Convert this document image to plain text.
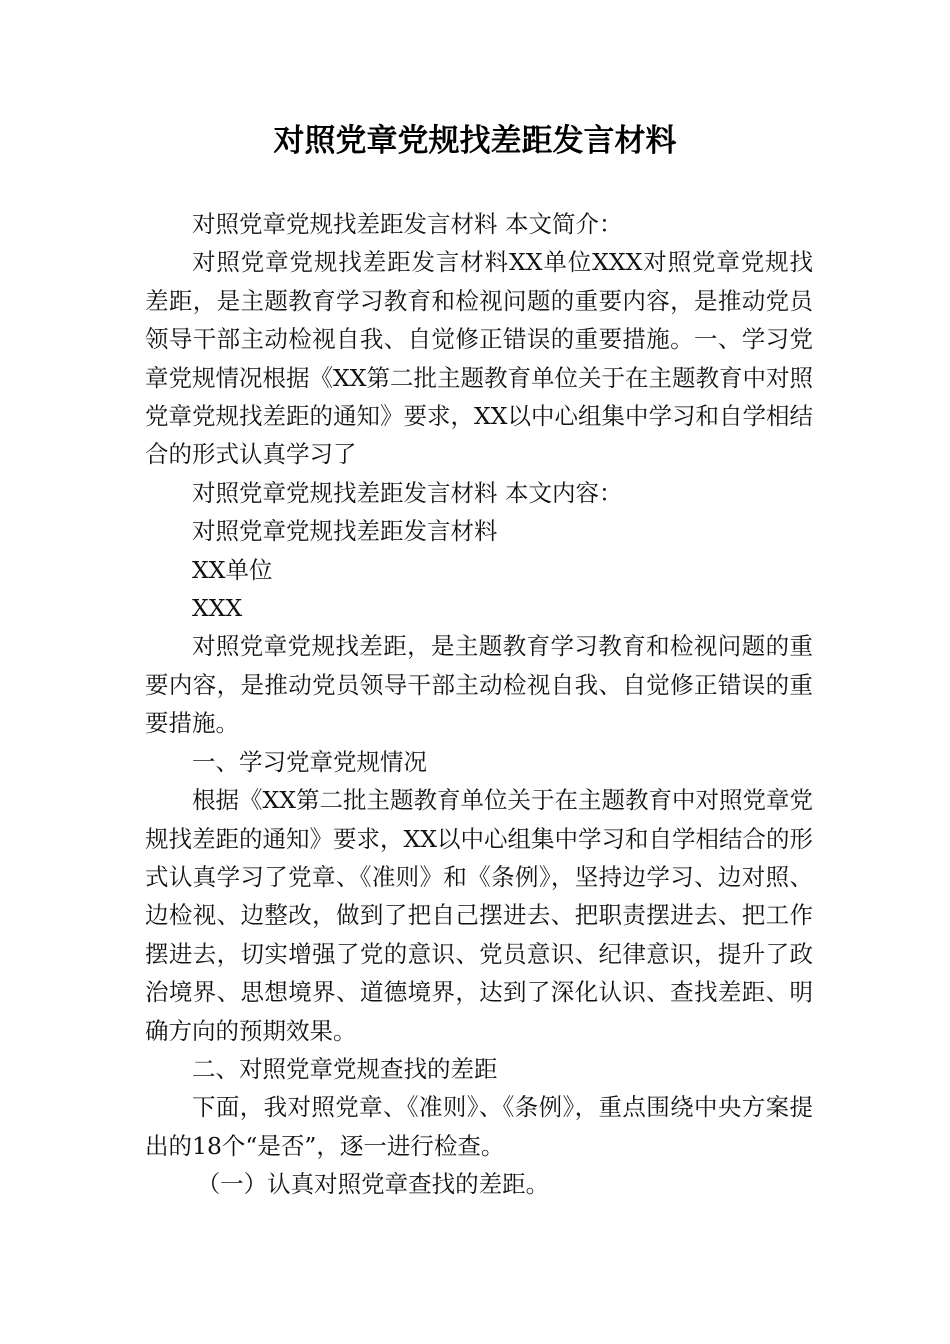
对照党章党规找差距发言材料

对照党章党规找差距发言材料 本文简介：

对照党章党规找差距发言材料XX单位XXX对照党章党规找差距，是主题教育学习教育和检视问题的重要内容，是推动党员领导干部主动检视自我、自觉修正错误的重要措施。一、学习党章党规情况根据《XX第二批主题教育单位关于在主题教育中对照党章党规找差距的通知》要求，XX以中心组集中学习和自学相结合的形式认真学习了

对照党章党规找差距发言材料 本文内容：

对照党章党规找差距发言材料

XX单位

XXX

对照党章党规找差距，是主题教育学习教育和检视问题的重要内容，是推动党员领导干部主动检视自我、自觉修正错误的重要措施。

一、学习党章党规情况

根据《XX第二批主题教育单位关于在主题教育中对照党章党规找差距的通知》要求，XX以中心组集中学习和自学相结合的形式认真学习了党章、《准则》和《条例》，坚持边学习、边对照、边检视、边整改，做到了把自己摆进去、把职责摆进去、把工作摆进去，切实增强了党的意识、党员意识、纪律意识，提升了政治境界、思想境界、道德境界，达到了深化认识、查找差距、明确方向的预期效果。

二、对照党章党规查找的差距

下面，我对照党章、《准则》、《条例》，重点围绕中央方案提出的18个“是否”，逐一进行检查。

（一）认真对照党章查找的差距。
